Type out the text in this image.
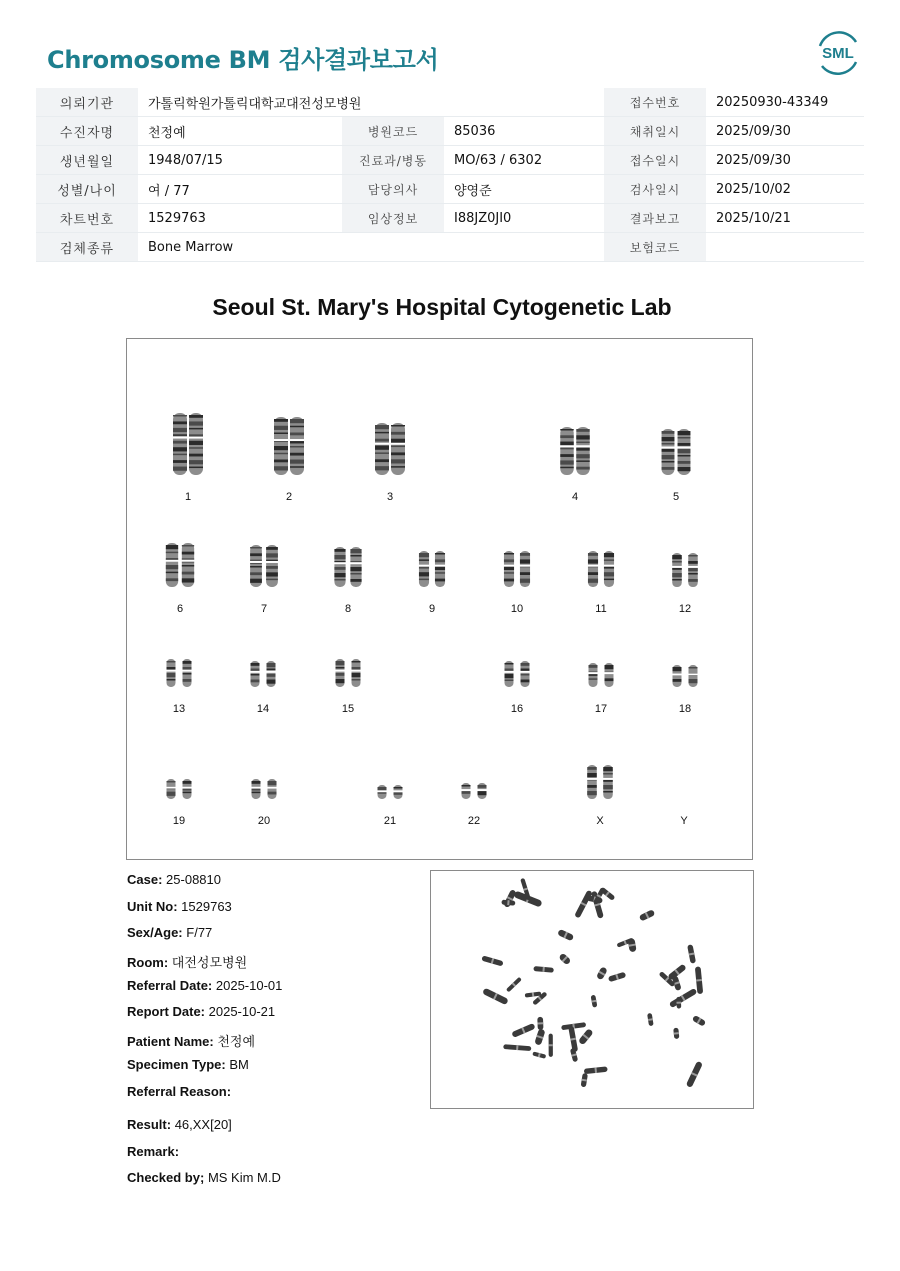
Chromosome BM 검사결과보고서	SML
의뢰기관	가톨릭학원가톨릭대학교대전성모병원			접수번호	20250930-43349
수진자명	천정예	병원코드	85036	채취일시	2025/09/30
생년월일	1948/07/15	진료과/병동	MO/63 / 6302	접수일시	2025/09/30
성별/나이	여 / 77	담당의사	양영준	검사일시	2025/10/02
차트번호	1529763	임상정보	I88JZ0JI0	결과보고	2025/10/21
검체종류	Bone Marrow			보험코드	
Seoul St. Mary's Hospital Cytogenetic Lab
1	2	3	4	5
6	7	8	9	10	11	12
13	14	15	16	17	18
19	20	21	22	X	Y
Case: 25-08810
Unit No: 1529763
Sex/Age: F/77
Room: 대전성모병원
Referral Date: 2025-10-01
Report Date: 2025-10-21
Patient Name: 천정예
Specimen Type: BM
Referral Reason:
Result: 46,XX[20]
Remark:
Checked by; MS Kim M.D
